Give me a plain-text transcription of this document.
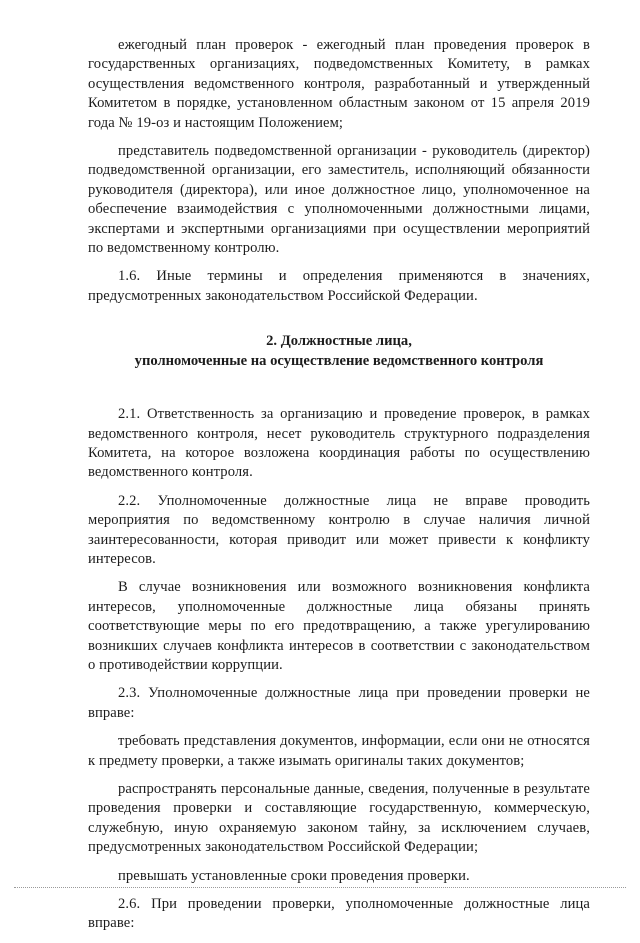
ежегодный план проверок - ежегодный план проведения проверок в государственных организациях, подведомственных Комитету, в рамках осуществления ведомственного контроля, разработанный и утвержденный Комитетом в порядке, установленном областным законом от 15 апреля 2019 года № 19-оз и настоящим Положением;

представитель подведомственной организации - руководитель (директор) подведомственной организации, его заместитель, исполняющий обязанности руководителя (директора), или иное должностное лицо, уполномоченное на обеспечение взаимодействия с уполномоченными должностными лицами, экспертами и экспертными организациями при осуществлении мероприятий по ведомственному контролю.

1.6. Иные термины и определения применяются в значениях, предусмотренных законодательством Российской Федерации.

2. Должностные лица,
уполномоченные на осуществление ведомственного контроля

2.1. Ответственность за организацию и проведение проверок, в рамках ведомственного контроля, несет руководитель структурного подразделения Комитета, на которое возложена координация работы по осуществлению ведомственного контроля.

2.2. Уполномоченные должностные лица не вправе проводить мероприятия по ведомственному контролю в случае наличия личной заинтересованности, которая приводит или может привести к конфликту интересов.

В случае возникновения или возможного возникновения конфликта интересов, уполномоченные должностные лица обязаны принять соответствующие меры по его предотвращению, а также урегулированию возникших случаев конфликта интересов в соответствии с законодательством о противодействии коррупции.

2.3. Уполномоченные должностные лица при проведении проверки не вправе:

требовать представления документов, информации, если они не относятся к предмету проверки, а также изымать оригиналы таких документов;

распространять персональные данные, сведения, полученные в результате проведения проверки и составляющие государственную, коммерческую, служебную, иную охраняемую законом тайну, за исключением случаев, предусмотренных законодательством Российской Федерации;

превышать установленные сроки проведения проверки.

2.6. При проведении проверки, уполномоченные должностные лица вправе:
